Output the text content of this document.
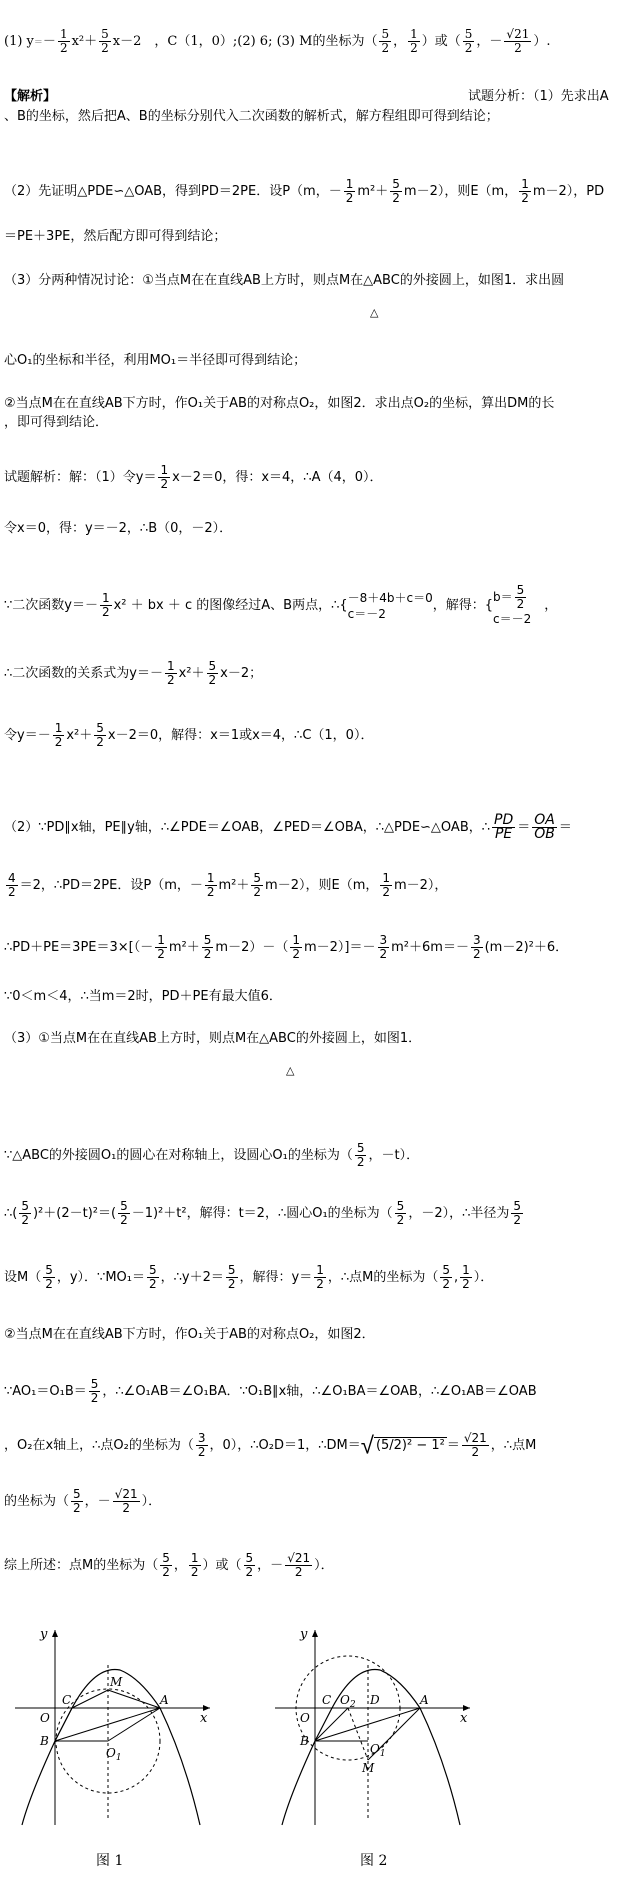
(1) $y=- \frac{1}{2} x^2+ \frac{5}{2} x-2$　，C（1，0）;(2) 6; (3) M的坐标为（ $\frac{5}{2}$ ， $\frac{1}{2}$ ）或（ $\frac{5}{2}$ ，－ $\frac{√21}{2}$ ）.
【解析】	试题分析：（1）先求出A
、B的坐标，然后把A、B的坐标分别代入二次函数的解析式，解方程组即可得到结论；
（2）先证明△PDE∽△OAB，得到PD＝2PE．设P（m，－ $\frac{1}{2} m^2+ \frac{5}{2} m-2$），则E（m， $\frac{1}{2} m-2$），PD
＝PE＋3PE，然后配方即可得到结论；
（3）分两种情况讨论：①当点M在在直线AB上方时，则点M在△ABC的外接圆上，如图1．求出圆
△
心O₁的坐标和半径，利用MO₁＝半径即可得到结论；
②当点M在在直线AB下方时，作O₁关于AB的对称点O₂，如图2．求出点O₂的坐标，算出DM的长
，即可得到结论．
试题解析：解：（1）令$y= \frac{1}{2} x-2=0$，得：x＝4，∴A（4，0）．
令x＝0，得：y＝－2，∴B（0，－2）．
∵二次函数$y=- \frac{1}{2} x^2$ ＋ bx ＋ c 的图像经过A、B两点，∴{
－8＋4b＋c＝0
c＝－2
，解得：{
$b= \frac{5}{2}$
c＝－2
　，
∴二次函数的关系式为$y=- \frac{1}{2} x^2+ \frac{5}{2} x-2$；
令$y=- \frac{1}{2} x^2+ \frac{5}{2} x-2=0$，解得：x＝1或x＝4，∴C（1，0）．
（2）∵PD∥x轴，PE∥y轴，∴∠PDE＝∠OAB，∠PED＝∠OBA，∴△PDE∽△OAB，∴ $\frac{PD}{PE} = \frac{OA}{OB}$ ＝
$\frac{4}{2} =2$，∴PD＝2PE．设P（m，－ $\frac{1}{2} m^2+ \frac{5}{2} m-2$），则E（m， $\frac{1}{2} m-2$），
∴PD＋PE＝3PE＝3×[（－ $\frac{1}{2} m^2+ \frac{5}{2} m-2)-( \frac{1}{2} m-2)]=- \frac{3}{2} m^2+6m=- \frac{3}{2} (m-2)^2+6$．
∵0＜m＜4，∴当m＝2时，PD＋PE有最大值6．
（3）①当点M在在直线AB上方时，则点M在△ABC的外接圆上，如图1．
△
∵△ABC的外接圆O₁的圆心在对称轴上，设圆心O₁的坐标为（ $\frac{5}{2}$ ，－t）．
∴( $\frac{5}{2} )^2+(2-t)^2=( \frac{5}{2} -1)^2+t^2$，解得：t＝2，∴圆心O₁的坐标为（ $\frac{5}{2}$ ，－2），∴半径为 $\frac{5}{2}$
设$M( \frac{5}{2}$ ，y）．∵MO₁＝ $\frac{5}{2}$ ，∴y＋2＝ $\frac{5}{2}$ ，解得：$y= \frac{1}{2}$ ，∴点M的坐标为（ $\frac{5}{2}$ , $\frac{1}{2}$ ）．
②当点M在在直线AB下方时，作O₁关于AB的对称点O₂，如图2．
∵AO₁＝O₁B＝ $\frac{5}{2}$ ，∴∠O₁AB＝∠O₁BA．∵O₁B∥x轴，∴∠O₁BA＝∠OAB，∴∠O₁AB＝∠OAB
，O₂在x轴上，∴点O₂的坐标为（ $\frac{3}{2}$ ，0），∴O₂D＝1，∴DM＝√ $(5/2)^2 - 1^2 = \frac{√21}{2}$ ，∴点M
的坐标为（ $\frac{5}{2}$ ，－ $\frac{√21}{2}$ ）．
综上所述：点M的坐标为（ $\frac{5}{2}$ ， $\frac{1}{2}$ ）或（ $\frac{5}{2}$ ，－ $\frac{√21}{2}$ ）．
y
x
O
C
M
A
B
$O_1$
图 1
y
x
O
C $O_2$ D	A
B
$O_1$
M
图 2
